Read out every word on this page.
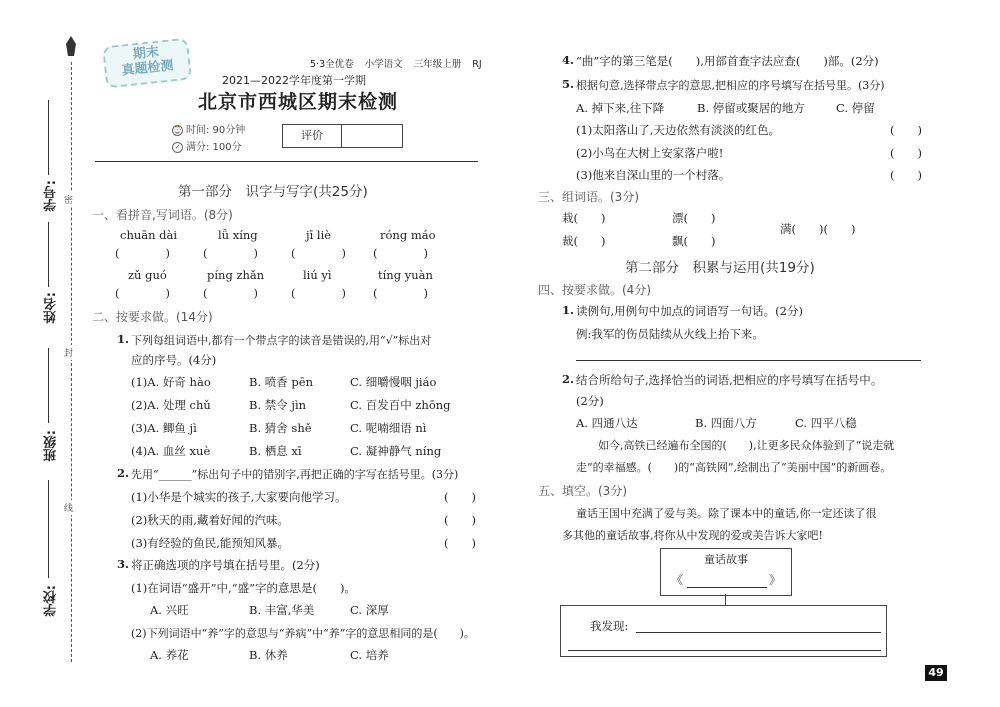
学号:
姓名:
班级:
学校:
密
封
线
期末
真题检测	5·3全优卷 小学语文 三年级上册 RJ
2021—2022学年度第一学期
北京市西城区期末检测
⌚ 时间: 90分钟
✓ 满分: 100分
评价
第一部分　识字与写字(共25分)
一、看拼音,写词语。(8分)
chuān dài	lǚ xíng	jī liè	róng máo
(　　　　)	(　　　　)	(　　　　) (　　　　)
zǔ guó	píng zhǎn	liú yì	tíng yuàn
(　　　　)	(　　　　)	(　　　　) (　　　　)
二、按要求做。(14分)
1. 下列每组词语中,都有一个带点字的读音是错误的,用“√”标出对
应的序号。(4分)
(1)A. 好奇 hào	B. 喷香 pēn	C. 细嚼慢咽 jiáo
(2)A. 处理 chǔ	B. 禁令 jìn	C. 百发百中 zhōng
(3)A. 鲫鱼 jì	B. 猜舍 shě	C. 呢喃细语 nì
(4)A. 血丝 xuè	B. 栖息 xī	C. 凝神静气 níng
2. 先用“______”标出句子中的错别字,再把正确的字写在括号里。(3分)
(1)小华是个城实的孩子,大家要向他学习。
(2)秋天的雨,藏着好闻的汽味。
(3)有经验的鱼民,能预知风暴。
(　　)
(　　)
(　　)
3. 将正确选项的序号填在括号里。(2分)
(1)在词语“盛开”中,“盛”字的意思是(　　)。
A. 兴旺	B. 丰富,华美	C. 深厚
(2)下列词语中“养”字的意思与“养病”中“养”字的意思相同的是(　　)。
A. 养花	B. 休养	C. 培养
4. “曲”字的第三笔是(　　),用部首查字法应查(　　)部。(2分)
5. 根据句意,选择带点字的意思,把相应的序号填写在括号里。(3分)
A. 掉下来,往下降	B. 停留或聚居的地方	C. 停留
(1)太阳落山了,天边依然有淡淡的红色。
(2)小鸟在大树上安家落户啦!
(3)他来自深山里的一个村落。
(　　)
(　　)
(　　)
三、组词语。(3分)
栽(　　)	漂(　　)
裁(　　)	飘(　　)
满(　　)(　　)
第二部分　积累与运用(共19分)
四、按要求做。(4分)
1. 读例句,用例句中加点的词语写一句话。(2分)
例:我军的伤员陆续从火线上抬下来。
2. 结合所给句子,选择恰当的词语,把相应的序号填写在括号中。
(2分)
A. 四通八达	B. 四面八方	C. 四平八稳
如今,高铁已经遍布全国的(　　),让更多民众体验到了“说走就
走”的幸福感。(　　)的“高铁网”,绘制出了“美丽中国”的新画卷。
五、填空。(3分)
童话王国中充满了爱与美。除了课本中的童话,你一定还读了很
多其他的童话故事,将你从中发现的爱或美告诉大家吧!
童话故事
《	》
我发现:
49
